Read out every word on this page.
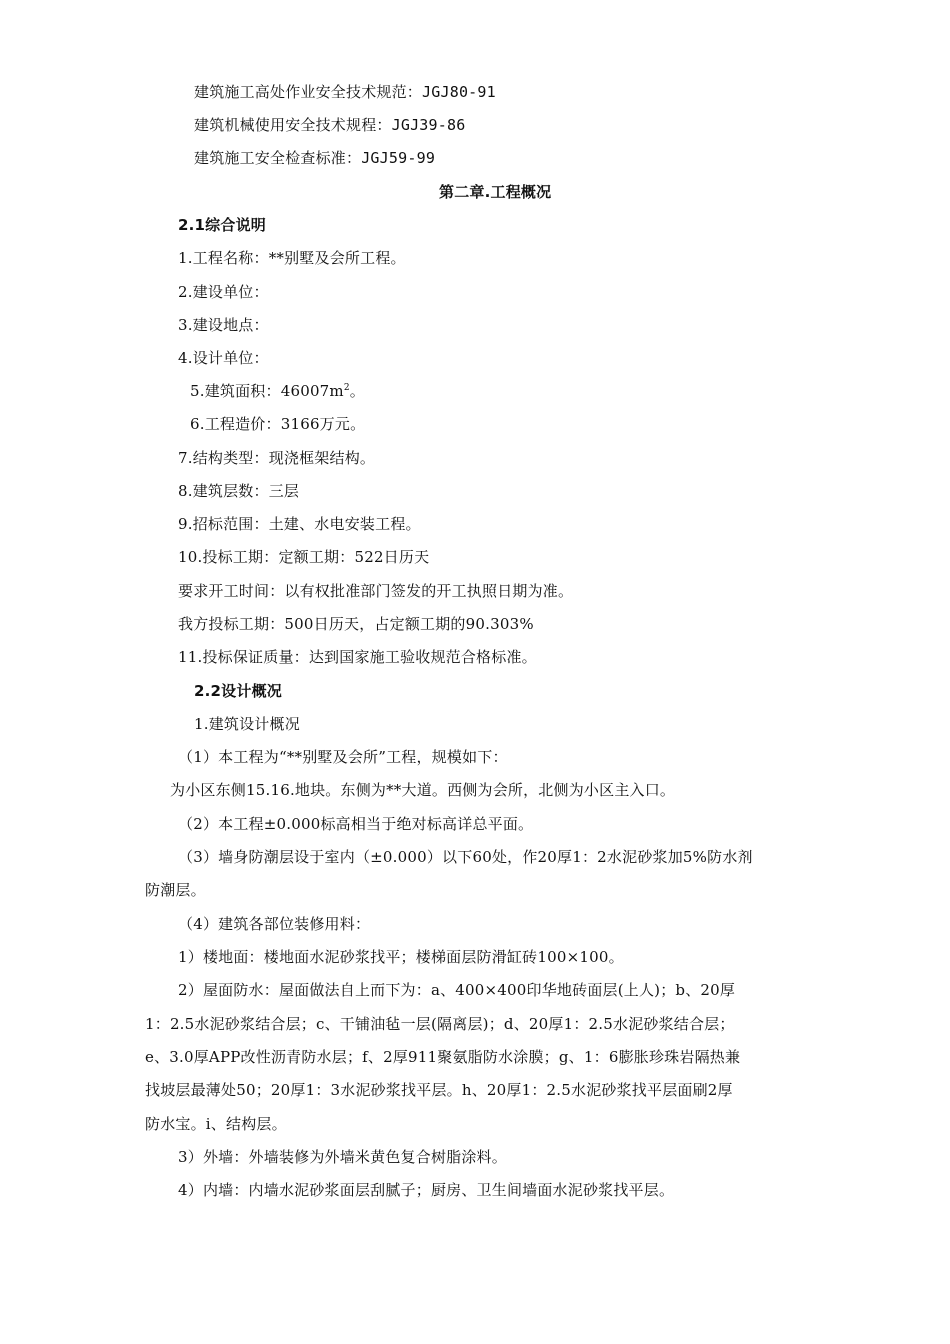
建筑施工高处作业安全技术规范：JGJ80-91
建筑机械使用安全技术规程：JGJ39-86
建筑施工安全检查标准：JGJ59-99
第二章.工程概况
2.1综合说明
1.工程名称：**别墅及会所工程。
2.建设单位：
3.建设地点：
4.设计单位：
5.建筑面积：$46007m^2$。
6.工程造价：3166万元。
7.结构类型：现浇框架结构。
8.建筑层数：三层
9.招标范围：土建、水电安装工程。
10.投标工期：定额工期：522日历天
要求开工时间：以有权批准部门签发的开工执照日期为准。
我方投标工期：500日历天，占定额工期的90.303%
11.投标保证质量：达到国家施工验收规范合格标准。
2.2设计概况
1.建筑设计概况
（1）本工程为“**别墅及会所”工程，规模如下：
为小区东侧15.16.地块。东侧为**大道。西侧为会所，北侧为小区主入口。
（2）本工程±0.000标高相当于绝对标高详总平面。
（3）墙身防潮层设于室内（±0.000）以下60处，作20厚1：2水泥砂浆加5%防水剂
防潮层。
（4）建筑各部位装修用料：
1）楼地面：楼地面水泥砂浆找平；楼梯面层防滑缸砖100×100。
2）屋面防水：屋面做法自上而下为：a、400×400印华地砖面层(上人)；b、20厚
1：2.5水泥砂浆结合层；c、干铺油毡一层(隔离层)；d、20厚1：2.5水泥砂浆结合层；
e、3.0厚APP改性沥青防水层；f、2厚911聚氨脂防水涂膜；g、1：6膨胀珍珠岩隔热兼
找坡层最薄处50；20厚1：3水泥砂浆找平层。h、20厚1：2.5水泥砂浆找平层面刷2厚
防水宝。i、结构层。
3）外墙：外墙装修为外墙米黄色复合树脂涂料。
4）内墙：内墙水泥砂浆面层刮腻子；厨房、卫生间墙面水泥砂浆找平层。
